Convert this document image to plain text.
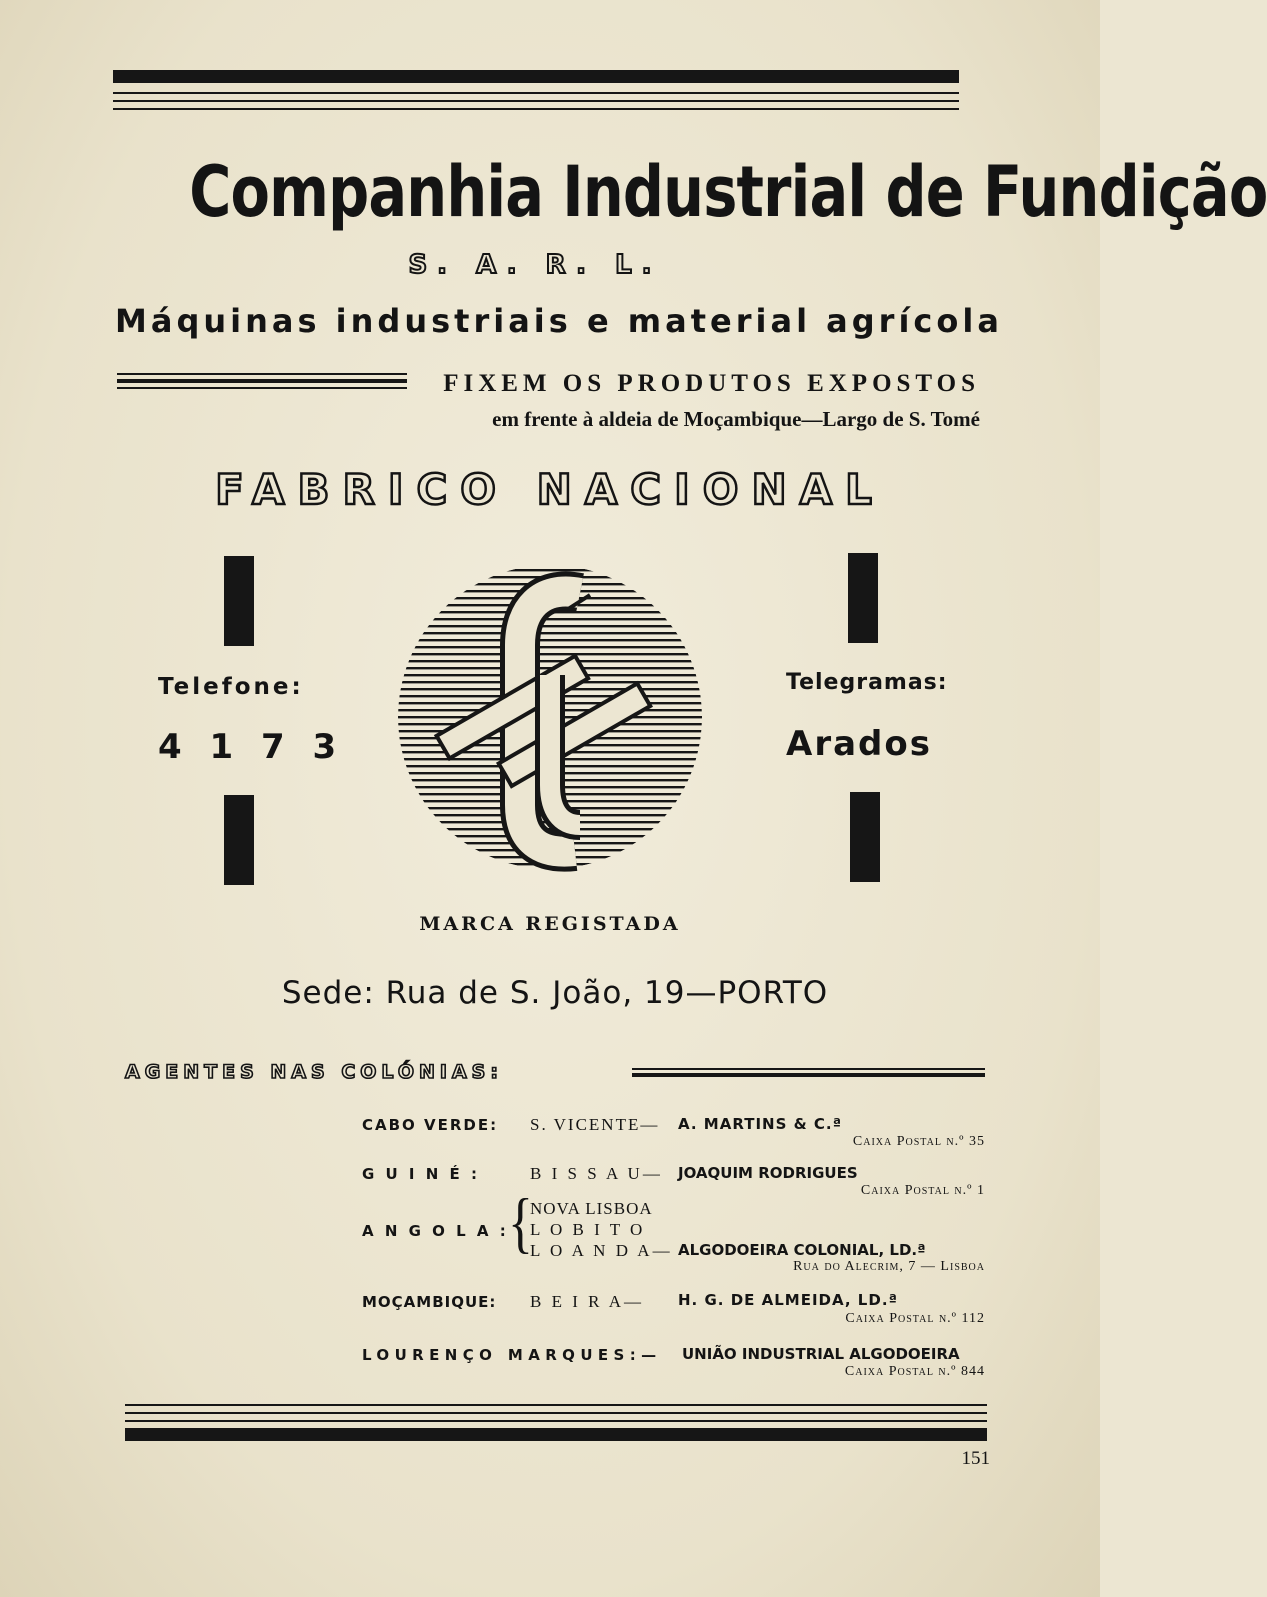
Companhia Industrial de Fundição
S. A. R. L.
Máquinas industriais e material agrícola
FIXEM OS PRODUTOS EXPOSTOS
em frente à aldeia de Moçambique—Largo de S. Tomé
FABRICO NACIONAL
Telefone:
4 1 7 3
Telegramas:
Arados
MARCA REGISTADA
Sede: Rua de S. João, 19—PORTO
AGENTES NAS COLÓNIAS:
CABO VERDE: S. VICENTE— A. MARTINS & C.ª
Caixa Postal n.º 35
G U I N É :	B I S S A U— JOAQUIM RODRIGUES
Caixa Postal n.º 1
A N G O L A : {
NOVA LISBOA
L O B I T O
L O A N D A— ALGODOEIRA COLONIAL, LD.ª
Rua do Alecrim, 7 — Lisboa
MOÇAMBIQUE: B E I R A— H. G. DE ALMEIDA, LD.ª
Caixa Postal n.º 112
LOURENÇO MARQUES:— UNIÃO INDUSTRIAL ALGODOEIRA
Caixa Postal n.º 844
151
